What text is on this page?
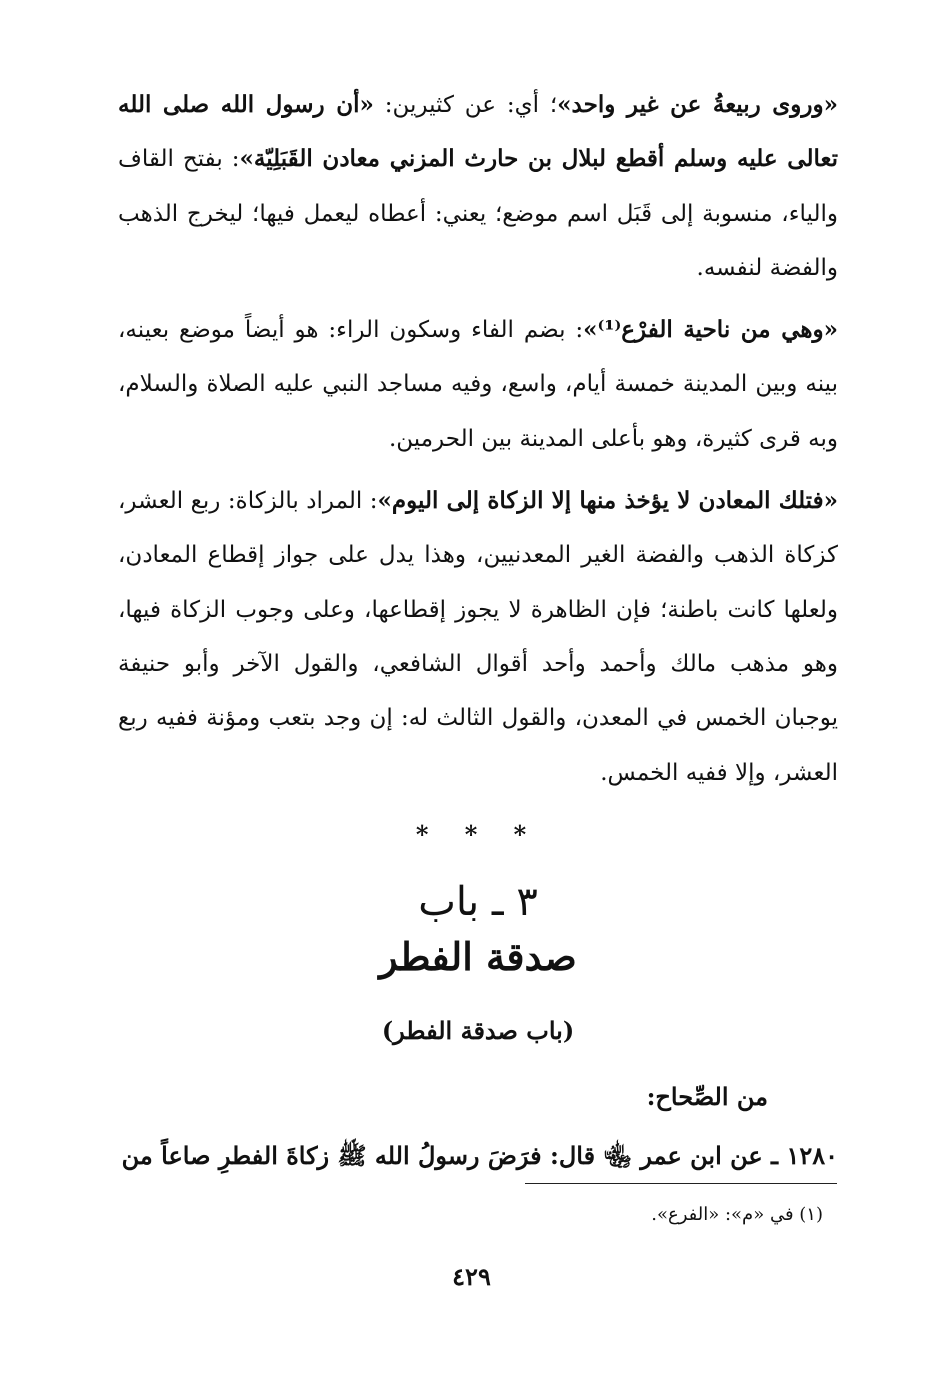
«وروى ربيعةُ عن غير واحد»؛ أي: عن كثيرين: «أن رسول الله صلى الله تعالى عليه وسلم أقطع لبلال بن حارث المزني معادن القَبَلِيّة»: بفتح القاف والياء، منسوبة إلى قَبَل اسم موضع؛ يعني: أعطاه ليعمل فيها؛ ليخرج الذهب والفضة لنفسه.

«وهي من ناحية الفرْع⁽¹⁾»: بضم الفاء وسكون الراء: هو أيضاً موضع بعينه، بينه وبين المدينة خمسة أيام، واسع، وفيه مساجد النبي عليه الصلاة والسلام، وبه قرى كثيرة، وهو بأعلى المدينة بين الحرمين.

«فتلك المعادن لا يؤخذ منها إلا الزكاة إلى اليوم»: المراد بالزكاة: ربع العشر، كزكاة الذهب والفضة الغير المعدنيين، وهذا يدل على جواز إقطاع المعادن، ولعلها كانت باطنة؛ فإن الظاهرة لا يجوز إقطاعها، وعلى وجوب الزكاة فيها، وهو مذهب مالك وأحمد وأحد أقوال الشافعي، والقول الآخر وأبو حنيفة يوجبان الخمس في المعدن، والقول الثالث له: إن وجد بتعب ومؤنة ففيه ربع العشر، وإلا ففيه الخمس.

* * *
٣ ـ باب
صدقة الفطر
(باب صدقة الفطر)
من الصِّحاح:
١٢٨٠ ـ عن ابن عمر ﵄ قال: فرَضَ رسولُ الله ﷺ زكاةَ الفطرِ صاعاً من
(١) في «م»: «الفرع».
٤٢٩
